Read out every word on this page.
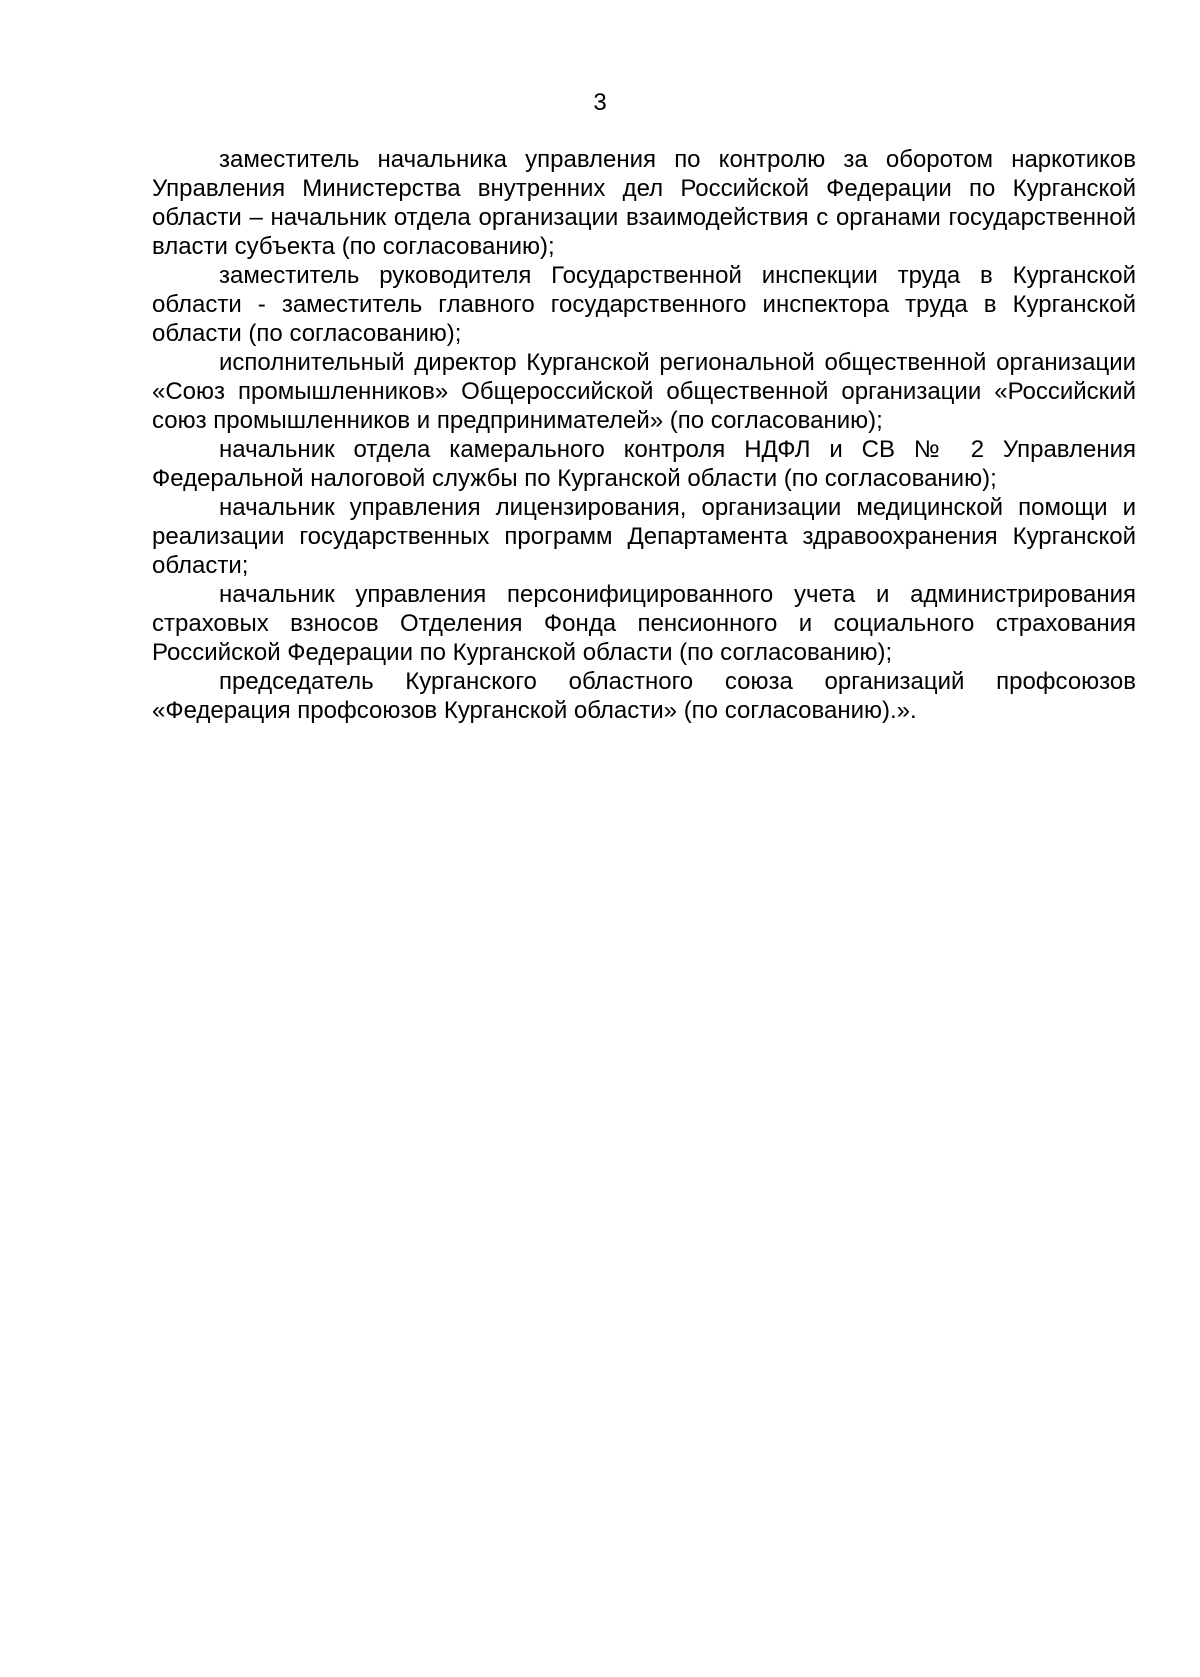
3

заместитель начальника управления по контролю за оборотом наркотиков Управления Министерства внутренних дел Российской Федерации по Курганской области – начальник отдела организации взаимодействия с органами государственной власти субъекта (по согласованию);

заместитель руководителя Государственной инспекции труда в Курганской области - заместитель главного государственного инспектора труда в Курганской области (по согласованию);

исполнительный директор Курганской региональной общественной организации «Союз промышленников» Общероссийской общественной организации «Российский союз промышленников и предпринимателей» (по согласованию);

начальник отдела камерального контроля НДФЛ и СВ № 2 Управления Федеральной налоговой службы по Курганской области (по согласованию);

начальник управления лицензирования, организации медицинской помощи и реализации государственных программ Департамента здравоохранения Курганской области;

начальник управления персонифицированного учета и администрирования страховых взносов Отделения Фонда пенсионного и социального страхования Российской Федерации по Курганской области (по согласованию);

председатель Курганского областного союза организаций профсоюзов «Федерация профсоюзов Курганской области» (по согласованию).».
